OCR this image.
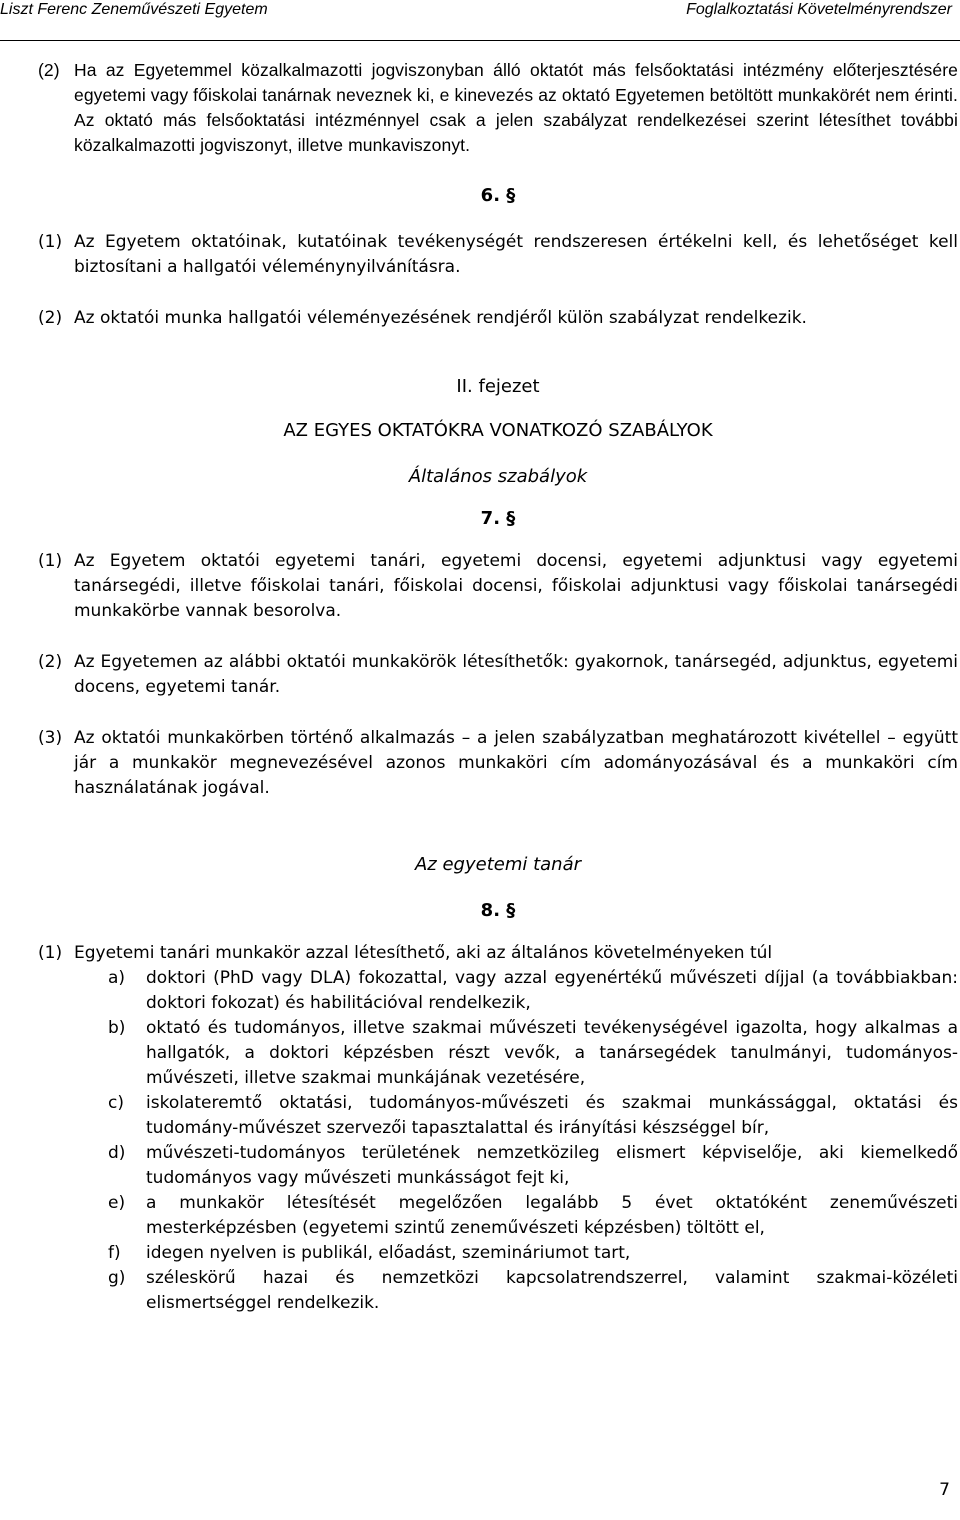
Liszt Ferenc Zeneművészeti Egyetem	Foglalkoztatási Követelményrendszer
(2) Ha az Egyetemmel közalkalmazotti jogviszonyban álló oktatót más felsőoktatási intézmény előterjesztésére egyetemi vagy főiskolai tanárnak neveznek ki, e kinevezés az oktató Egyetemen betöltött munkakörét nem érinti. Az oktató más felsőoktatási intézménnyel csak a jelen szabályzat rendelkezései szerint létesíthet további közalkalmazotti jogviszonyt, illetve munkaviszonyt.
6. §
(1) Az Egyetem oktatóinak, kutatóinak tevékenységét rendszeresen értékelni kell, és lehetőséget kell biztosítani a hallgatói véleménynyilvánításra.
(2) Az oktatói munka hallgatói véleményezésének rendjéről külön szabályzat rendelkezik.
II. fejezet
AZ EGYES OKTATÓKRA VONATKOZÓ SZABÁLYOK
Általános szabályok
7. §
(1) Az Egyetem oktatói egyetemi tanári, egyetemi docensi, egyetemi adjunktusi vagy egyetemi tanársegédi, illetve főiskolai tanári, főiskolai docensi, főiskolai adjunktusi vagy főiskolai tanársegédi munkakörbe vannak besorolva.
(2) Az Egyetemen az alábbi oktatói munkakörök létesíthetők: gyakornok, tanársegéd, adjunktus, egyetemi docens, egyetemi tanár.
(3) Az oktatói munkakörben történő alkalmazás – a jelen szabályzatban meghatározott kivétellel – együtt jár a munkakör megnevezésével azonos munkaköri cím adományozásával és a munkaköri cím használatának jogával.
Az egyetemi tanár
8. §
(1) Egyetemi tanári munkakör azzal létesíthető, aki az általános követelményeken túl
a) doktori (PhD vagy DLA) fokozattal, vagy azzal egyenértékű művészeti díjjal (a továbbiakban: doktori fokozat) és habilitációval rendelkezik,
b) oktató és tudományos, illetve szakmai művészeti tevékenységével igazolta, hogy alkalmas a hallgatók, a doktori képzésben részt vevők, a tanársegédek tanulmányi, tudományos-művészeti, illetve szakmai munkájának vezetésére,
c) iskolateremtő oktatási, tudományos-művészeti és szakmai munkássággal, oktatási és tudomány-művészet szervezői tapasztalattal és irányítási készséggel bír,
d) művészeti-tudományos területének nemzetközileg elismert képviselője, aki kiemelkedő tudományos vagy művészeti munkásságot fejt ki,
e) a munkakör létesítését megelőzően legalább 5 évet oktatóként zeneművészeti mesterképzésben (egyetemi szintű zeneművészeti képzésben) töltött el,
f) idegen nyelven is publikál, előadást, szemináriumot tart,
g) széleskörű hazai és nemzetközi kapcsolatrendszerrel, valamint szakmai-közéleti elismertséggel rendelkezik.
7
